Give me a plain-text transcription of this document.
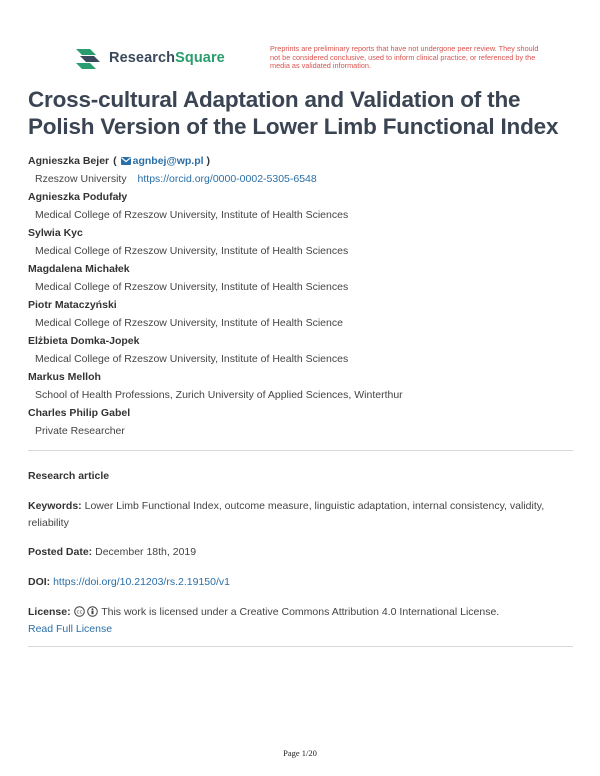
ResearchSquare
Preprints are preliminary reports that have not undergone peer review. They should not be considered conclusive, used to inform clinical practice, or referenced by the media as validated information.
Cross-cultural Adaptation and Validation of the Polish Version of the Lower Limb Functional Index
Agnieszka Bejer (	agnbej@wp.pl )
Rzeszow University https://orcid.org/0000-0002-5305-6548
Agnieszka Podufały
Medical College of Rzeszow University, Institute of Health Sciences
Sylwia Kyc
Medical College of Rzeszow University, Institute of Health Sciences
Magdalena Michałek
Medical College of Rzeszow University, Institute of Health Sciences
Piotr Mataczyński
Medical College of Rzeszow University, Institute of Health Science
Elżbieta Domka-Jopek
Medical College of Rzeszow University, Institute of Health Sciences
Markus Melloh
School of Health Professions, Zurich University of Applied Sciences, Winterthur
Charles Philip Gabel
Private Researcher
Research article
Keywords: Lower Limb Functional Index, outcome measure, linguistic adaptation, internal consistency, validity, reliability
Posted Date: December 18th, 2019
DOI: https://doi.org/10.21203/rs.2.19150/v1
License: cc This work is licensed under a Creative Commons Attribution 4.0 International License.
Read Full License
Page 1/20
